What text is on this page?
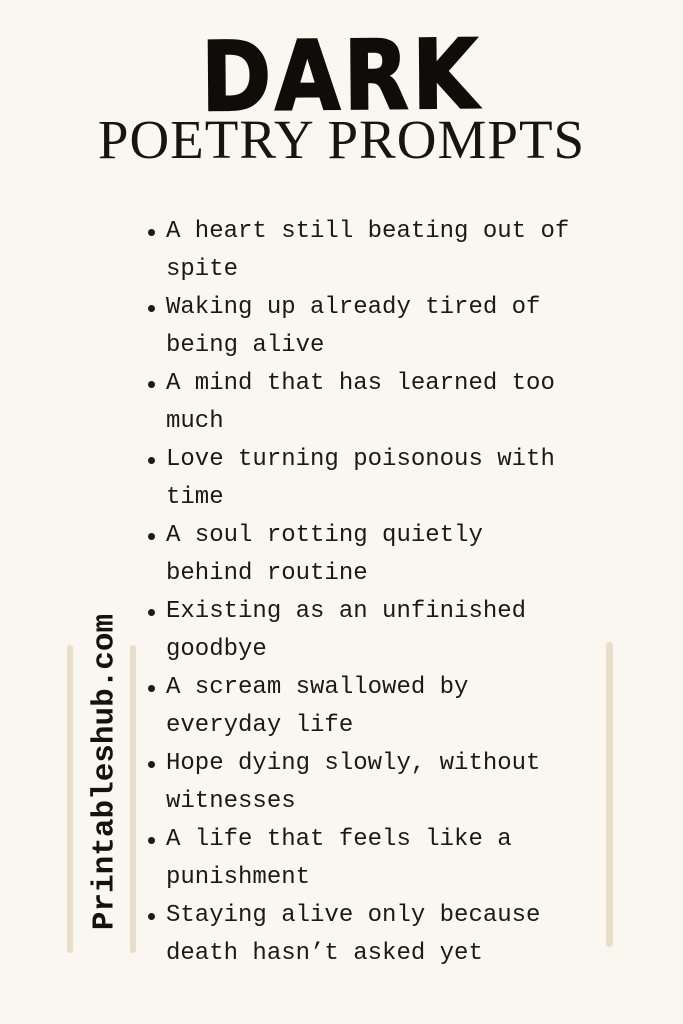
DARK
POETRY PROMPTS
A heart still beating out of spite
Waking up already tired of being alive
A mind that has learned too much
Love turning poisonous with time
A soul rotting quietly behind routine
Existing as an unfinished goodbye
A scream swallowed by everyday life
Hope dying slowly, without witnesses
A life that feels like a punishment
Staying alive only because death hasn’t asked yet
Printableshub.com
